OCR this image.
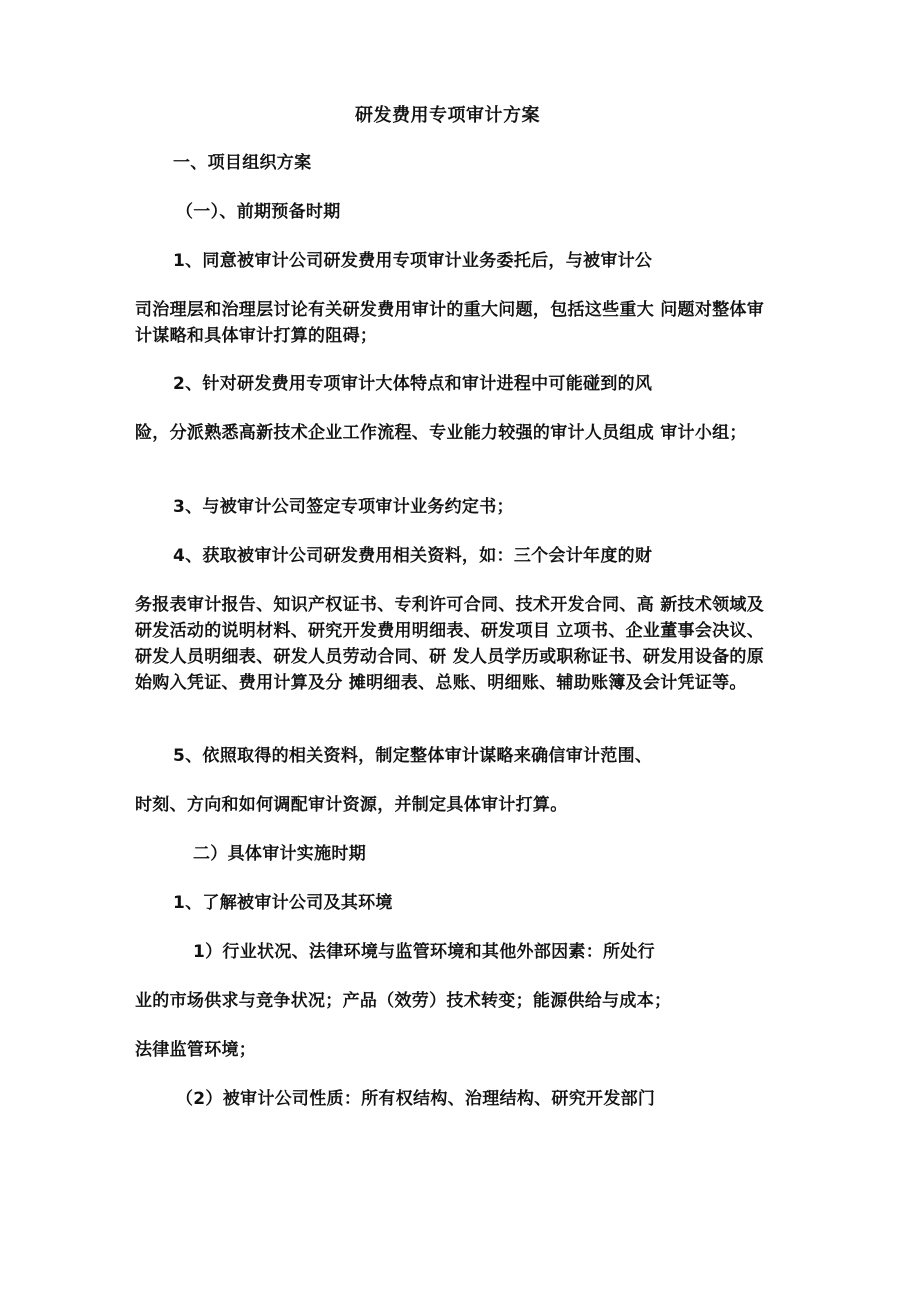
研发费用专项审计方案
一、项目组织方案
（一）、前期预备时期
1、同意被审计公司研发费用专项审计业务委托后，与被审计公
司治理层和治理层讨论有关研发费用审计的重大问题，包括这些重大 问题对整体审计谋略和具体审计打算的阻碍；
2、针对研发费用专项审计大体特点和审计进程中可能碰到的风
险，分派熟悉高新技术企业工作流程、专业能力较强的审计人员组成 审计小组；
3、与被审计公司签定专项审计业务约定书；
4、获取被审计公司研发费用相关资料，如：三个会计年度的财
务报表审计报告、知识产权证书、专利许可合同、技术开发合同、高 新技术领域及研发活动的说明材料、研究开发费用明细表、研发项目 立项书、企业董事会决议、研发人员明细表、研发人员劳动合同、研 发人员学历或职称证书、研发用设备的原始购入凭证、费用计算及分 摊明细表、总账、明细账、辅助账簿及会计凭证等。
5、依照取得的相关资料，制定整体审计谋略来确信审计范围、
时刻、方向和如何调配审计资源，并制定具体审计打算。
二）具体审计实施时期
1、了解被审计公司及其环境
1）行业状况、法律环境与监管环境和其他外部因素：所处行
业的市场供求与竞争状况；产品（效劳）技术转变；能源供给与成本；
法律监管环境；
（2）被审计公司性质：所有权结构、治理结构、研究开发部门
